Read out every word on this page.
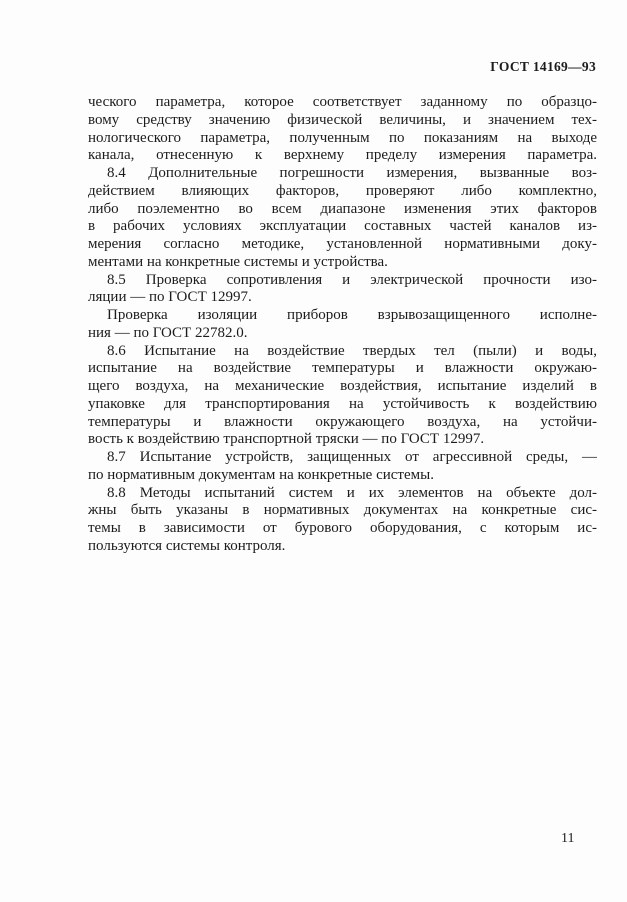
ГОСТ 14169—93
ческого параметра, которое соответствует заданному по образцо-
вому средству значению физической величины, и значением тех-
нологического параметра, полученным по показаниям на выходе
канала, отнесенную к верхнему пределу измерения параметра.
8.4 Дополнительные погрешности измерения, вызванные воз-
действием влияющих факторов, проверяют либо комплектно,
либо поэлементно во всем диапазоне изменения этих факторов
в рабочих условиях эксплуатации составных частей каналов из-
мерения согласно методике, установленной нормативными доку-
ментами на конкретные системы и устройства.
8.5 Проверка сопротивления и электрической прочности изо-
ляции — по ГОСТ 12997.
Проверка изоляции приборов взрывозащищенного исполне-
ния — по ГОСТ 22782.0.
8.6 Испытание на воздействие твердых тел (пыли) и воды,
испытание на воздействие температуры и влажности окружаю-
щего воздуха, на механические воздействия, испытание изделий в
упаковке для транспортирования на устойчивость к воздействию
температуры и влажности окружающего воздуха, на устойчи-
вость к воздействию транспортной тряски — по ГОСТ 12997.
8.7 Испытание устройств, защищенных от агрессивной среды, —
по нормативным документам на конкретные системы.
8.8 Методы испытаний систем и их элементов на объекте дол-
жны быть указаны в нормативных документах на конкретные сис-
темы в зависимости от бурового оборудования, с которым ис-
пользуются системы контроля.
11
